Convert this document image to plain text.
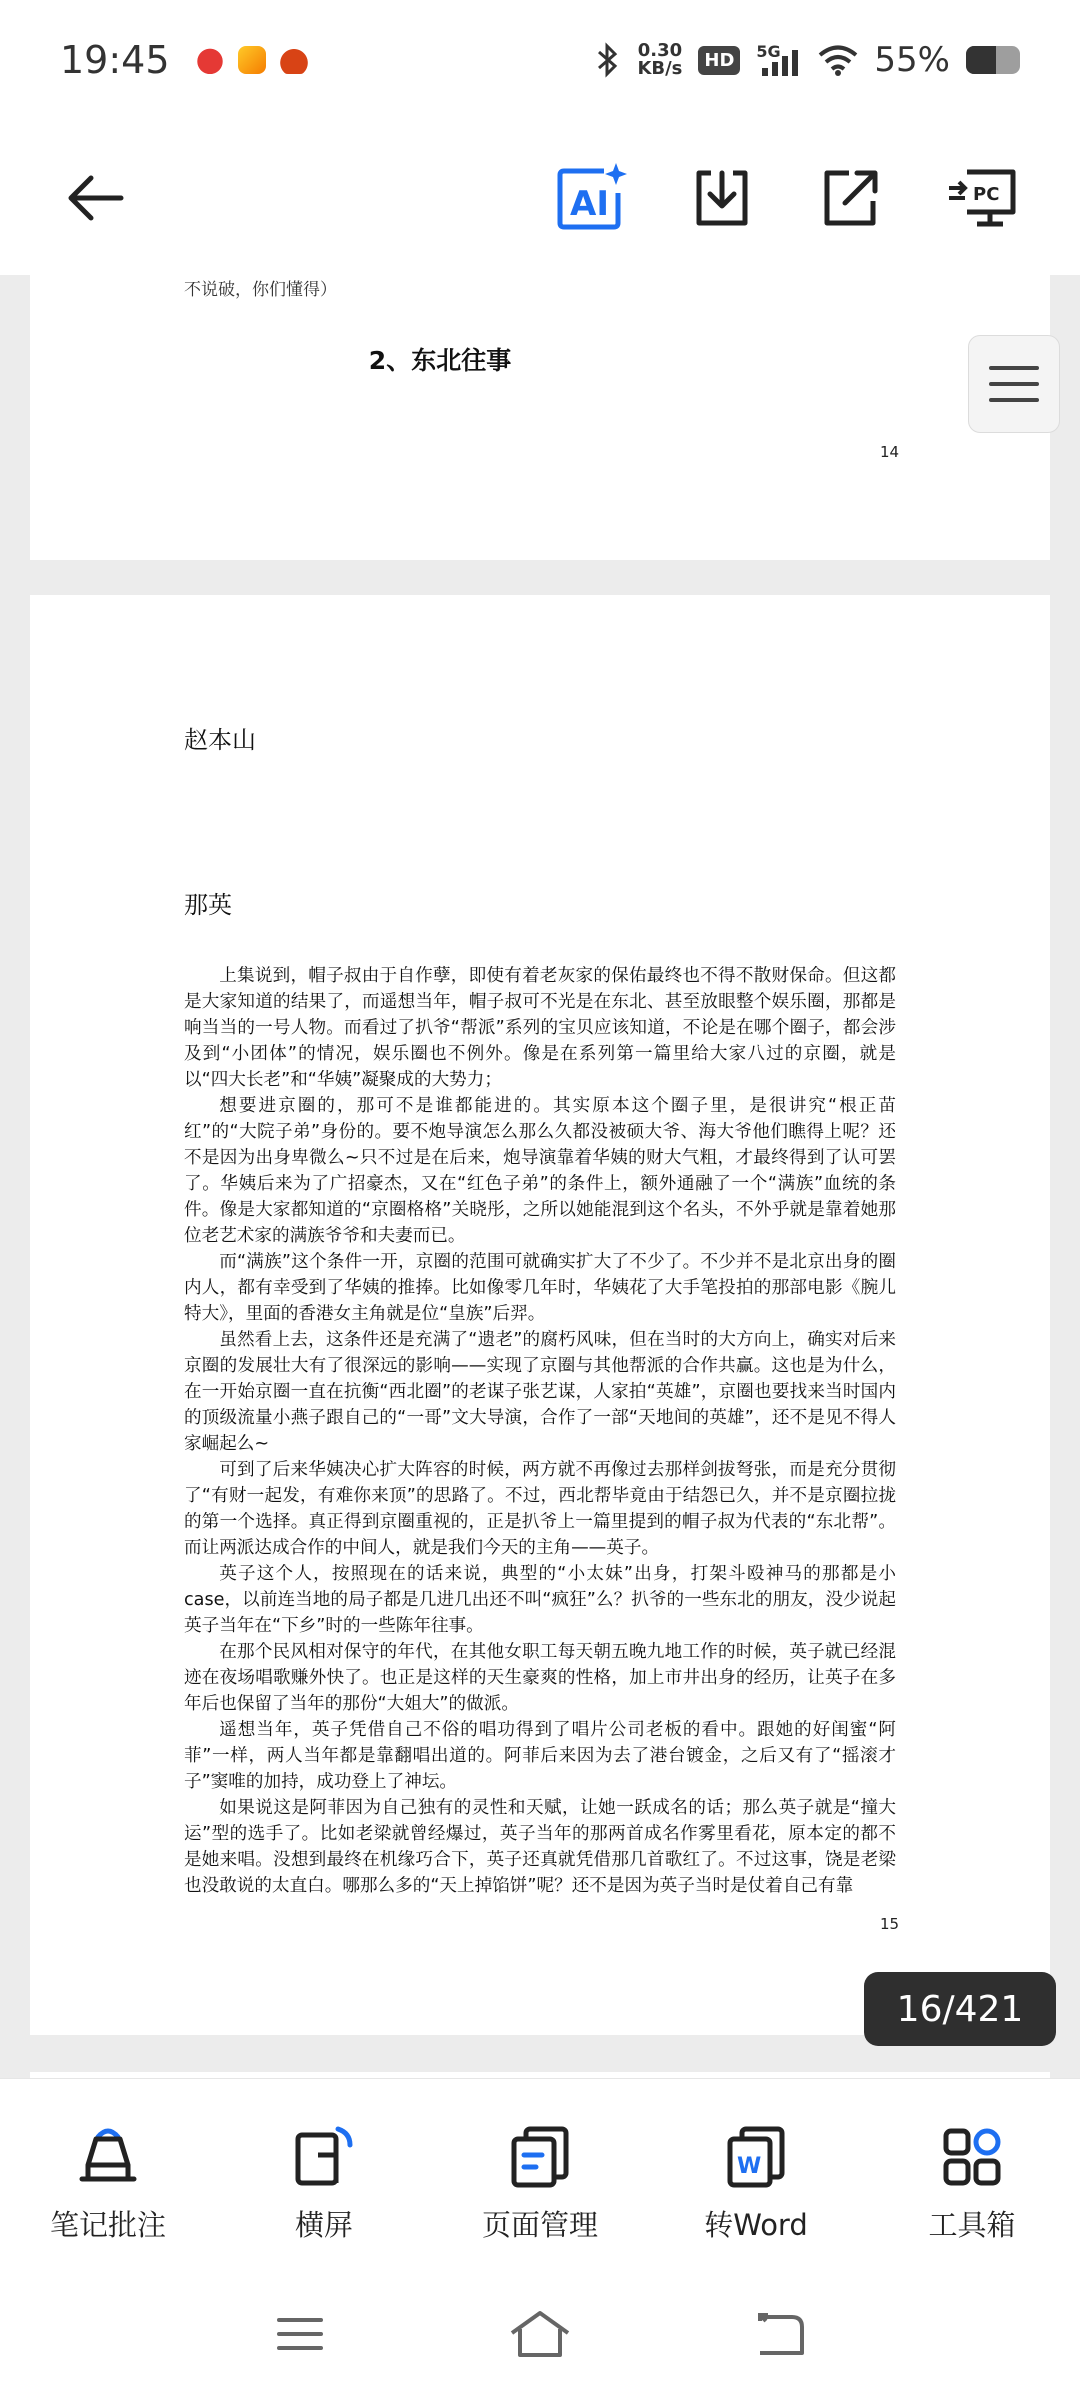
19:45	0.30
KB/s	HD	5G	55%
AI	PC
不说破，你们懂得）
2、东北往事
14
赵本山
那英

上集说到，帽子叔由于自作孽，即使有着老灰家的保佑最终也不得不散财保命。但这都是大家知道的结果了，而遥想当年，帽子叔可不光是在东北、甚至放眼整个娱乐圈，那都是响当当的一号人物。而看过了扒爷“帮派”系列的宝贝应该知道，不论是在哪个圈子，都会涉及到“小团体”的情况，娱乐圈也不例外。像是在系列第一篇里给大家八过的京圈，就是以“四大长老”和“华姨”凝聚成的大势力；

想要进京圈的，那可不是谁都能进的。其实原本这个圈子里，是很讲究“根正苗红”的“大院子弟”身份的。要不炮导演怎么那么久都没被硕大爷、海大爷他们瞧得上呢？还不是因为出身卑微么~只不过是在后来，炮导演靠着华姨的财大气粗，才最终得到了认可罢了。华姨后来为了广招豪杰，又在“红色子弟”的条件上，额外通融了一个“满族”血统的条件。像是大家都知道的“京圈格格”关晓彤，之所以她能混到这个名头，不外乎就是靠着她那位老艺术家的满族爷爷和夫妻而已。

而“满族”这个条件一开，京圈的范围可就确实扩大了不少了。不少并不是北京出身的圈内人，都有幸受到了华姨的推捧。比如像零几年时，华姨花了大手笔投拍的那部电影《腕儿特大》，里面的香港女主角就是位“皇族”后羿。

虽然看上去，这条件还是充满了“遗老”的腐朽风味，但在当时的大方向上，确实对后来京圈的发展壮大有了很深远的影响——实现了京圈与其他帮派的合作共赢。这也是为什么，在一开始京圈一直在抗衡“西北圈”的老谋子张艺谋，人家拍“英雄”，京圈也要找来当时国内的顶级流量小燕子跟自己的“一哥”文大导演，合作了一部“天地间的英雄”，还不是见不得人家崛起么~

可到了后来华姨决心扩大阵容的时候，两方就不再像过去那样剑拔弩张，而是充分贯彻了“有财一起发，有难你来顶”的思路了。不过，西北帮毕竟由于结怨已久，并不是京圈拉拢的第一个选择。真正得到京圈重视的，正是扒爷上一篇里提到的帽子叔为代表的“东北帮”。而让两派达成合作的中间人，就是我们今天的主角——英子。

英子这个人，按照现在的话来说，典型的“小太妹”出身，打架斗殴神马的那都是小case，以前连当地的局子都是几进几出还不叫“疯狂”么？扒爷的一些东北的朋友，没少说起英子当年在“下乡”时的一些陈年往事。

在那个民风相对保守的年代，在其他女职工每天朝五晚九地工作的时候，英子就已经混迹在夜场唱歌赚外快了。也正是这样的天生豪爽的性格，加上市井出身的经历，让英子在多年后也保留了当年的那份“大姐大”的做派。

遥想当年，英子凭借自己不俗的唱功得到了唱片公司老板的看中。跟她的好闺蜜“阿菲”一样，两人当年都是靠翻唱出道的。阿菲后来因为去了港台镀金，之后又有了“摇滚才子”窦唯的加持，成功登上了神坛。

如果说这是阿菲因为自己独有的灵性和天赋，让她一跃成名的话；那么英子就是“撞大运”型的选手了。比如老梁就曾经爆过，英子当年的那两首成名作雾里看花，原本定的都不是她来唱。没想到最终在机缘巧合下，英子还真就凭借那几首歌红了。不过这事，饶是老梁也没敢说的太直白。哪那么多的“天上掉馅饼”呢？还不是因为英子当时是仗着自己有靠

15
16/421
笔记批注	横屏	页面管理
W
转Word	工具箱
